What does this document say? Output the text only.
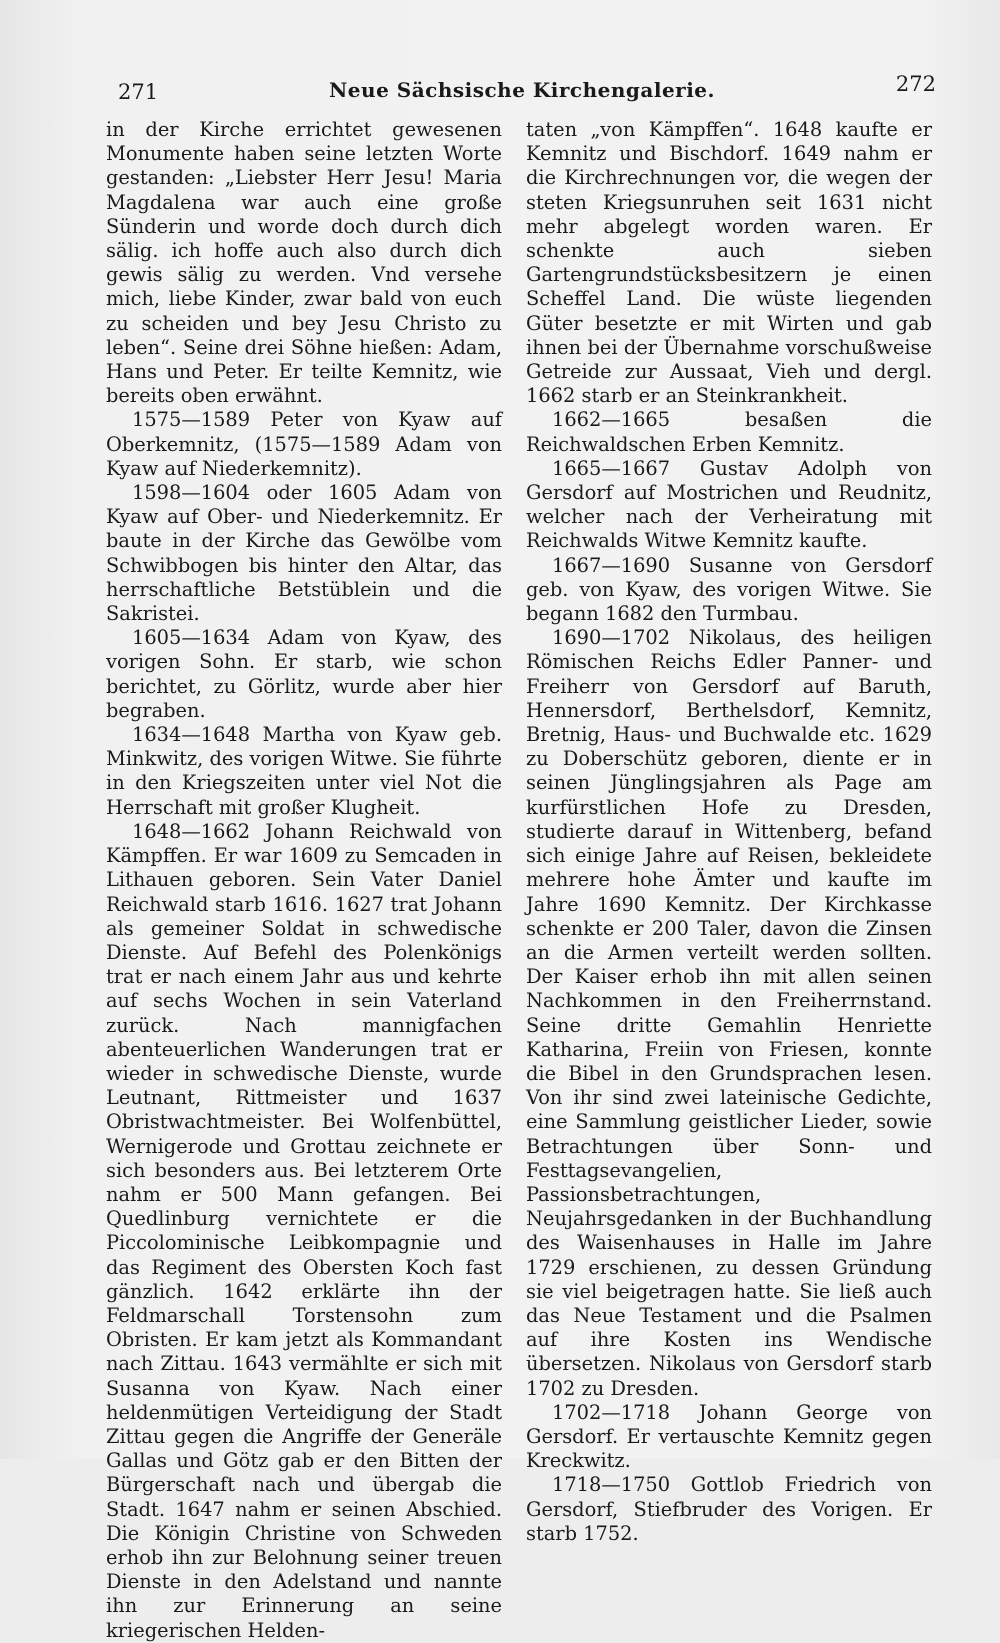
271	Neue Sächsische Kirchengalerie.	272

in der Kirche errichtet gewesenen Monumente haben seine letzten Worte gestanden: „Liebster Herr Jesu! Maria Magdalena war auch eine große Sünderin und worde doch durch dich sälig. ich hoffe auch also durch dich gewis sälig zu werden. Vnd versehe mich, liebe Kinder, zwar bald von euch zu scheiden und bey Jesu Christo zu leben“. Seine drei Söhne hießen: Adam, Hans und Peter. Er teilte Kemnitz, wie bereits oben erwähnt.

1575—1589 Peter von Kyaw auf Oberkemnitz, (1575—1589 Adam von Kyaw auf Niederkemnitz).

1598—1604 oder 1605 Adam von Kyaw auf Ober- und Niederkemnitz. Er baute in der Kirche das Gewölbe vom Schwibbogen bis hinter den Altar, das herrschaftliche Betstüblein und die Sakristei.

1605—1634 Adam von Kyaw, des vorigen Sohn. Er starb, wie schon berichtet, zu Görlitz, wurde aber hier begraben.

1634—1648 Martha von Kyaw geb. Minkwitz, des vorigen Witwe. Sie führte in den Kriegszeiten unter viel Not die Herrschaft mit großer Klugheit.

1648—1662 Johann Reichwald von Kämpffen. Er war 1609 zu Semcaden in Lithauen geboren. Sein Vater Daniel Reichwald starb 1616. 1627 trat Johann als gemeiner Soldat in schwedische Dienste. Auf Befehl des Polenkönigs trat er nach einem Jahr aus und kehrte auf sechs Wochen in sein Vaterland zurück. Nach mannigfachen abenteuerlichen Wanderungen trat er wieder in schwedische Dienste, wurde Leutnant, Rittmeister und 1637 Obristwachtmeister. Bei Wolfenbüttel, Wernigerode und Grottau zeichnete er sich besonders aus. Bei letzterem Orte nahm er 500 Mann gefangen. Bei Quedlinburg vernichtete er die Piccolominische Leibkompagnie und das Regiment des Obersten Koch fast gänzlich. 1642 erklärte ihn der Feldmarschall Torstensohn zum Obristen. Er kam jetzt als Kommandant nach Zittau. 1643 vermählte er sich mit Susanna von Kyaw. Nach einer heldenmütigen Verteidigung der Stadt Zittau gegen die Angriffe der Generäle Gallas und Götz gab er den Bitten der Bürgerschaft nach und übergab die Stadt. 1647 nahm er seinen Abschied. Die Königin Christine von Schweden erhob ihn zur Belohnung seiner treuen Dienste in den Adelstand und nannte ihn zur Erinnerung an seine kriegerischen Helden-

taten „von Kämpffen“. 1648 kaufte er Kemnitz und Bischdorf. 1649 nahm er die Kirchrechnungen vor, die wegen der steten Kriegsunruhen seit 1631 nicht mehr abgelegt worden waren. Er schenkte auch sieben Gartengrundstücksbesitzern je einen Scheffel Land. Die wüste liegenden Güter besetzte er mit Wirten und gab ihnen bei der Übernahme vorschußweise Getreide zur Aussaat, Vieh und dergl. 1662 starb er an Steinkrankheit.

1662—1665 besaßen die Reichwaldschen Erben Kemnitz.

1665—1667 Gustav Adolph von Gersdorf auf Mostrichen und Reudnitz, welcher nach der Verheiratung mit Reichwalds Witwe Kemnitz kaufte.

1667—1690 Susanne von Gersdorf geb. von Kyaw, des vorigen Witwe. Sie begann 1682 den Turmbau.

1690—1702 Nikolaus, des heiligen Römischen Reichs Edler Panner- und Freiherr von Gersdorf auf Baruth, Hennersdorf, Berthelsdorf, Kemnitz, Bretnig, Haus- und Buchwalde etc. 1629 zu Doberschütz geboren, diente er in seinen Jünglingsjahren als Page am kurfürstlichen Hofe zu Dresden, studierte darauf in Wittenberg, befand sich einige Jahre auf Reisen, bekleidete mehrere hohe Ämter und kaufte im Jahre 1690 Kemnitz. Der Kirchkasse schenkte er 200 Taler, davon die Zinsen an die Armen verteilt werden sollten. Der Kaiser erhob ihn mit allen seinen Nachkommen in den Freiherrnstand. Seine dritte Gemahlin Henriette Katharina, Freiin von Friesen, konnte die Bibel in den Grundsprachen lesen. Von ihr sind zwei lateinische Gedichte, eine Sammlung geistlicher Lieder, sowie Betrachtungen über Sonn- und Festtagsevangelien, Passionsbetrachtungen, Neujahrsgedanken in der Buchhandlung des Waisenhauses in Halle im Jahre 1729 erschienen, zu dessen Gründung sie viel beigetragen hatte. Sie ließ auch das Neue Testament und die Psalmen auf ihre Kosten ins Wendische übersetzen. Nikolaus von Gersdorf starb 1702 zu Dresden.

1702—1718 Johann George von Gersdorf. Er vertauschte Kemnitz gegen Kreckwitz.

1718—1750 Gottlob Friedrich von Gersdorf, Stiefbruder des Vorigen. Er starb 1752.
